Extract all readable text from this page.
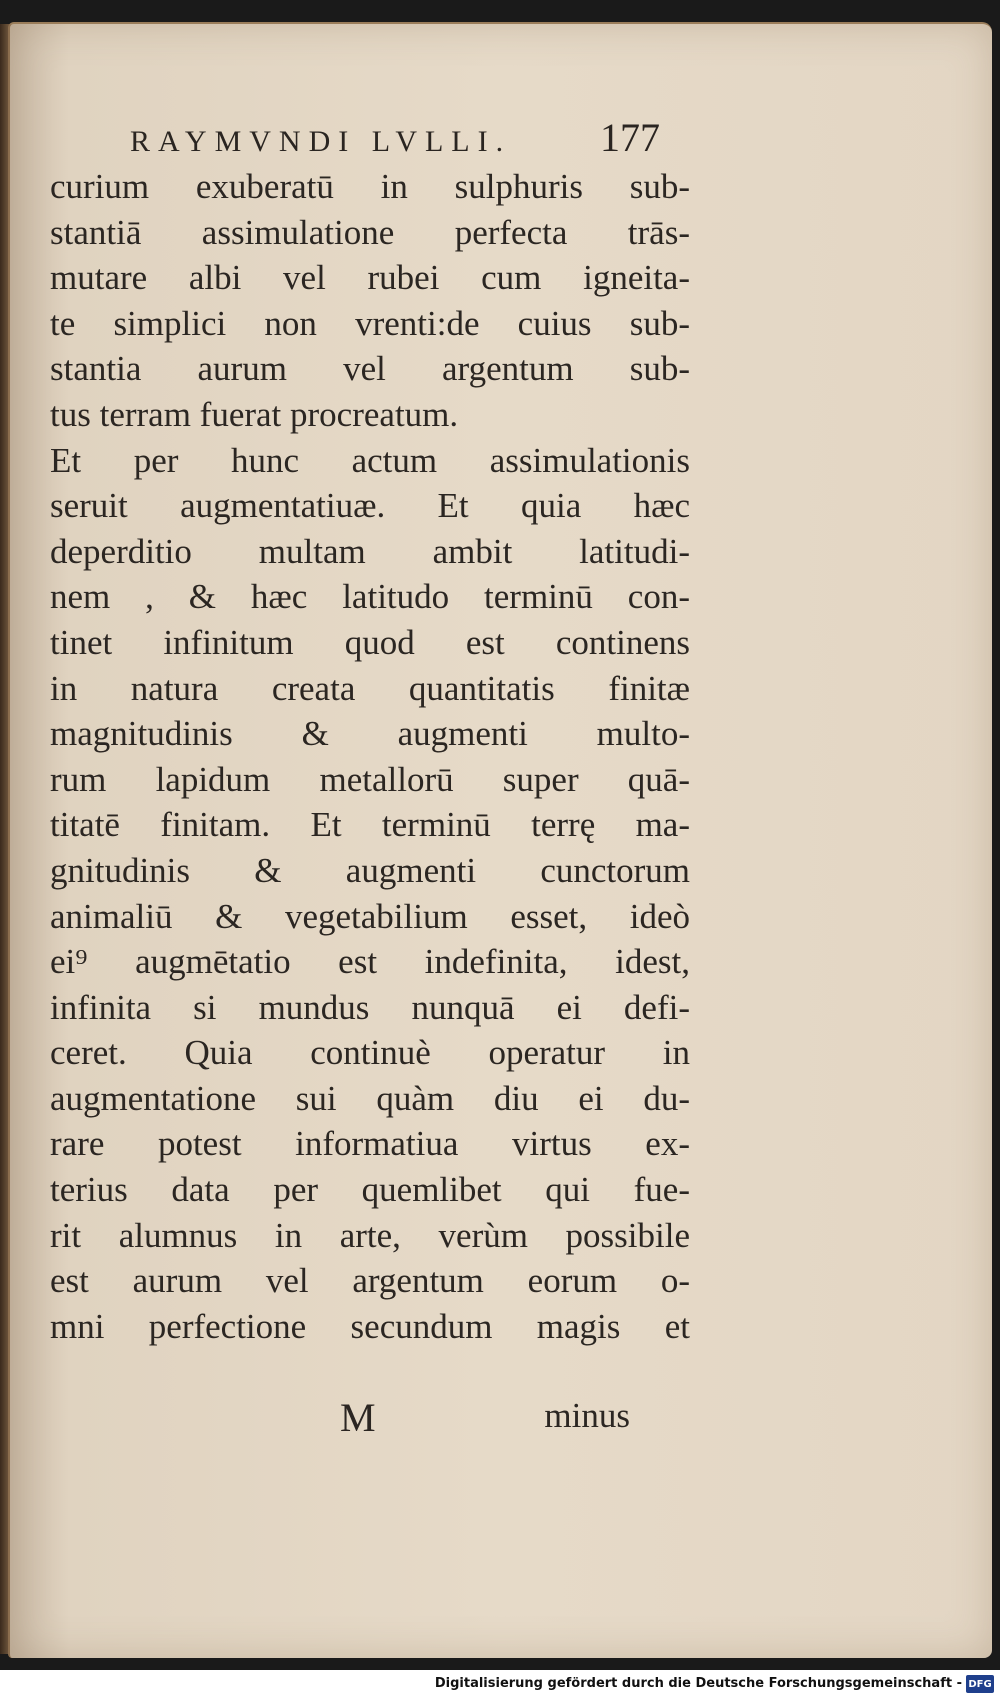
RAYMVNDI LVLLI. 177
curium exuberatū in sulphuris sub-
stantiā assimulatione perfecta trās-
mutare albi vel rubei cum igneita-
te simplici non vrenti:de cuius sub-
stantia aurum vel argentum sub-
tus terram fuerat procreatum.
Et per hunc actum assimulationis
seruit augmentatiuæ. Et quia hæc
deperditio multam ambit latitudi-
nem , & hæc latitudo terminū con-
tinet infinitum quod est continens
in natura creata quantitatis finitæ
magnitudinis & augmenti multo-
rum lapidum metallorū super quā-
titatē finitam. Et terminū terrę ma-
gnitudinis & augmenti cunctorum
animaliū & vegetabilium esset, ideò
ei⁹ augmētatio est indefinita, idest,
infinita si mundus nunquā ei defi-
ceret. Quia continuè operatur in
augmentatione sui quàm diu ei du-
rare potest informatiua virtus ex-
terius data per quemlibet qui fue-
rit alumnus in arte, verùm possibile
est aurum vel argentum eorum o-
mni perfectione secundum magis et
M	minus
Digitalisierung gefördert durch die Deutsche Forschungsgemeinschaft - DFG
